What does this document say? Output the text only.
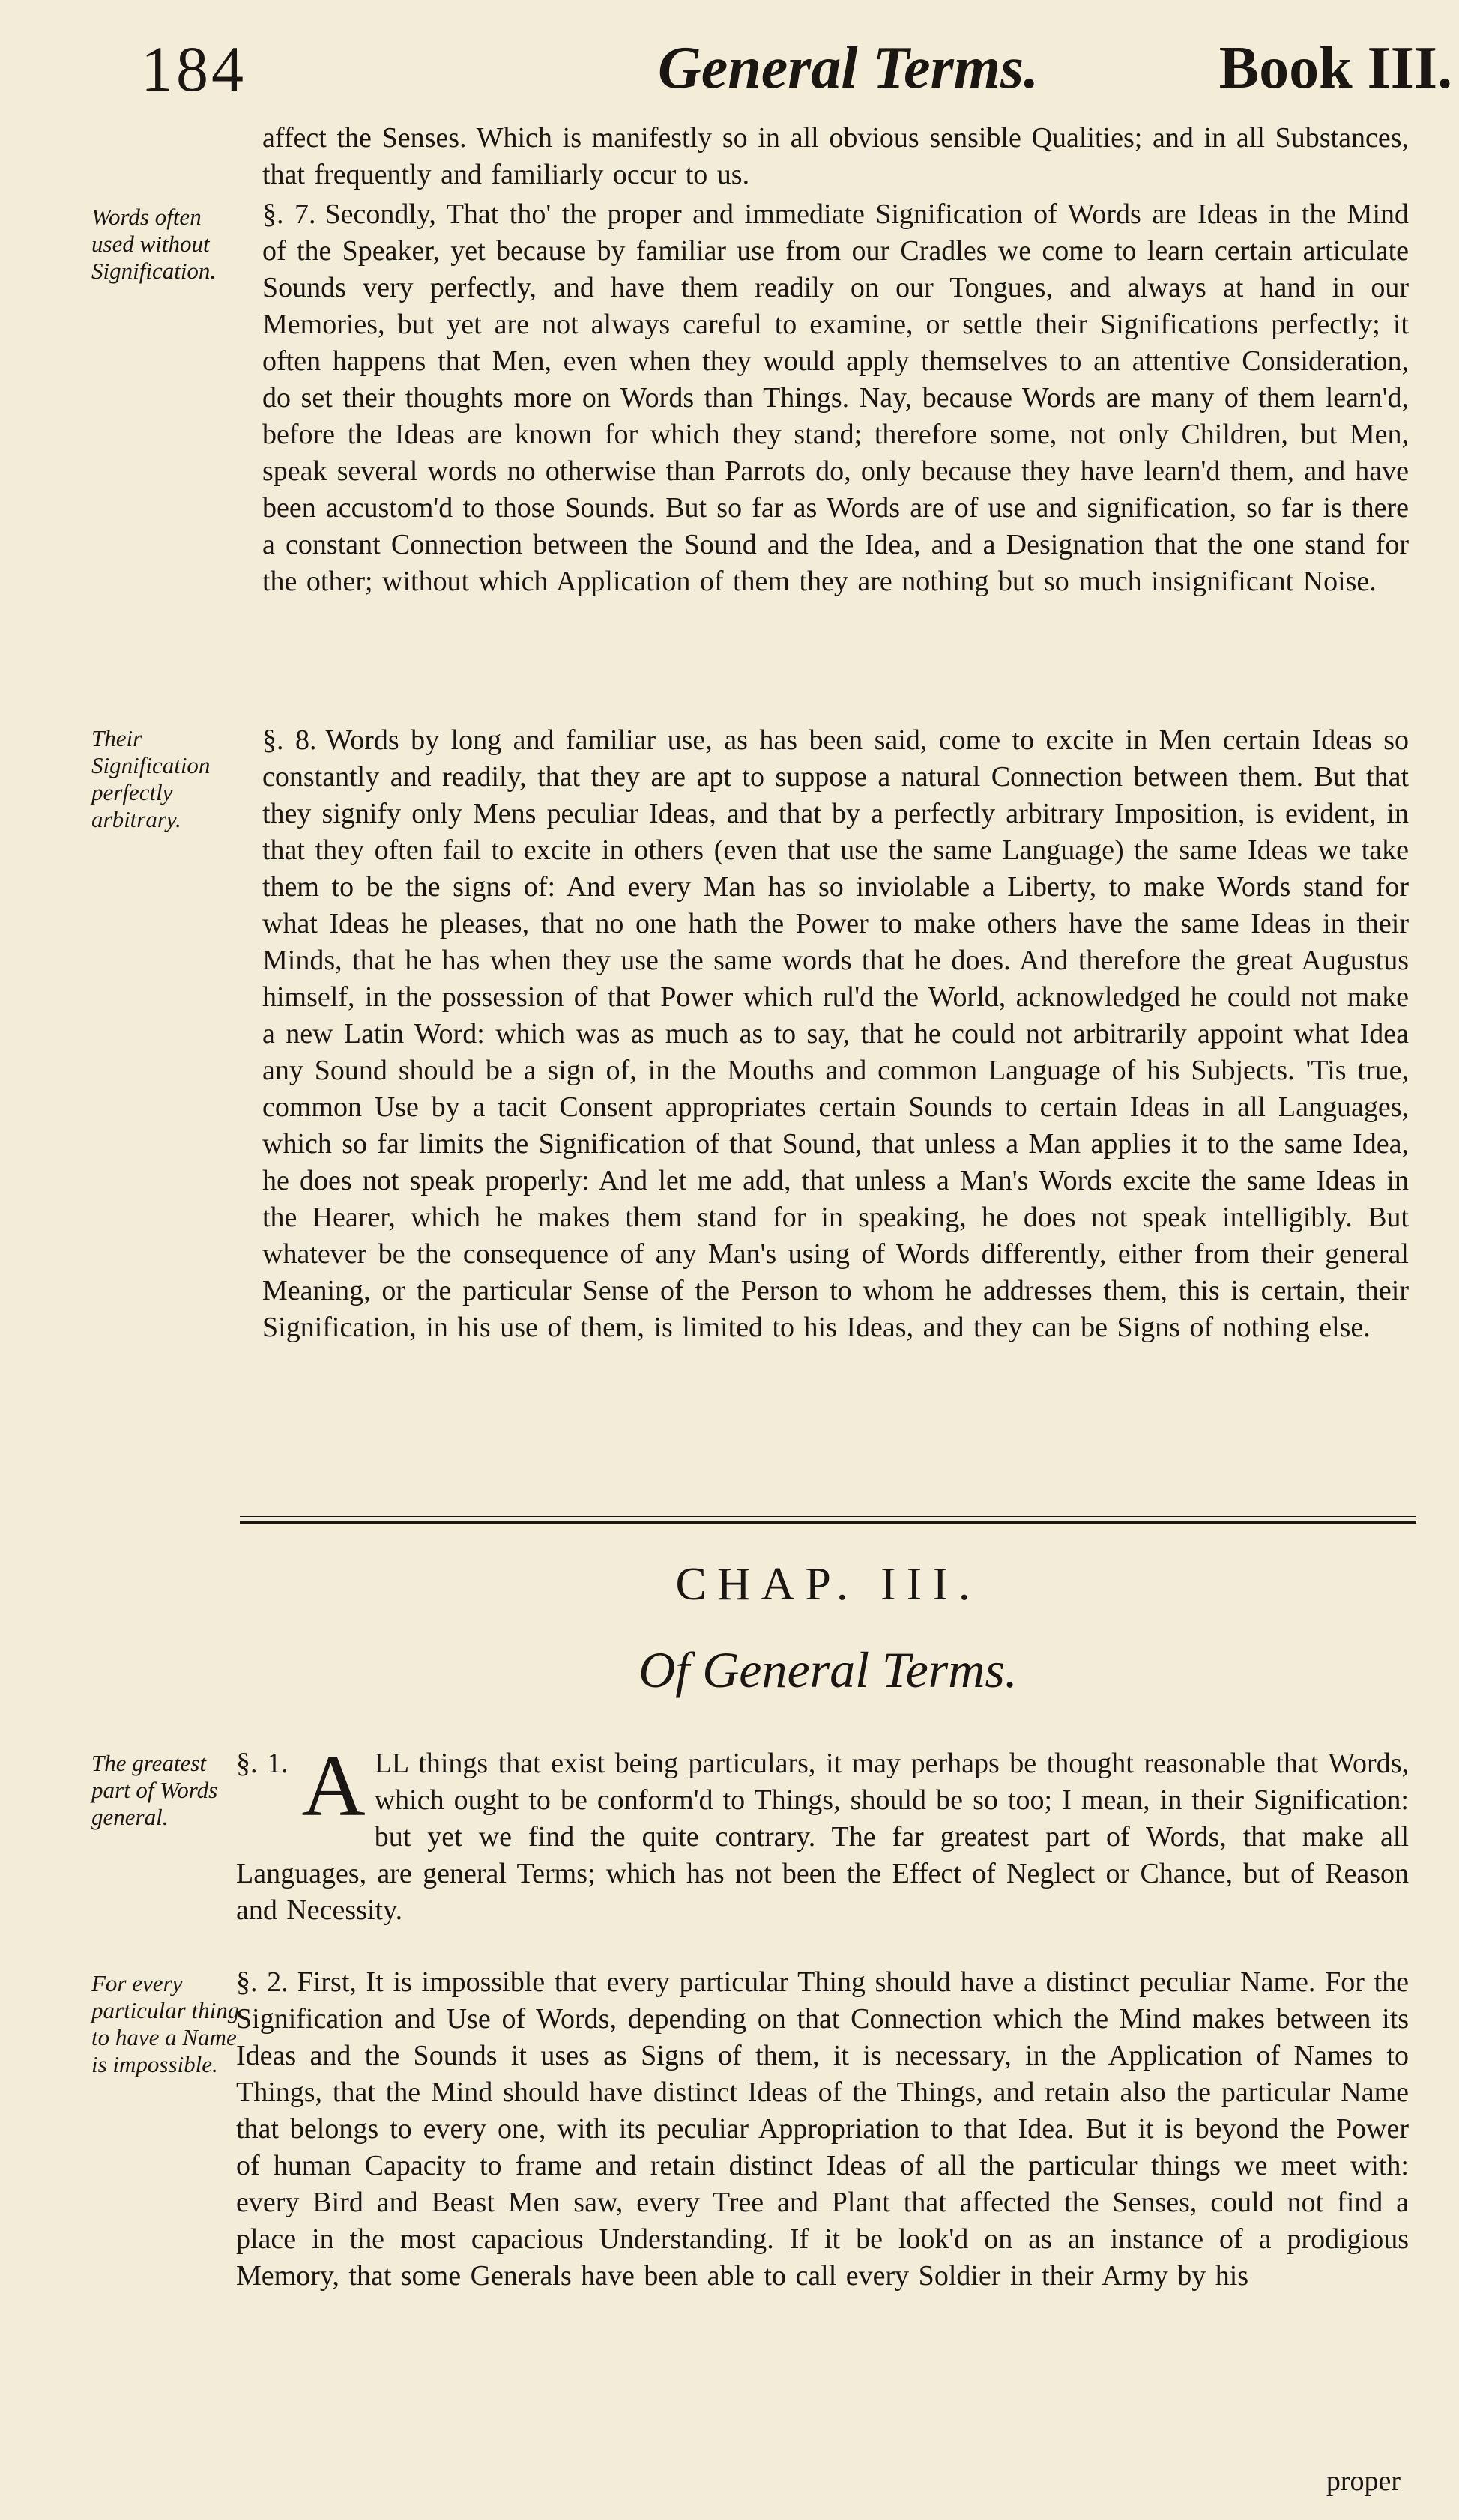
184	General Terms.	Book III.

affect the Senses. Which is manifestly so in all obvious sensible Qualities; and in all Substances, that frequently and familiarly occur to us.

Words often used without Signification.

§. 7. Secondly, That tho' the proper and immediate Signification of Words are Ideas in the Mind of the Speaker, yet because by familiar use from our Cradles we come to learn certain articulate Sounds very perfectly, and have them readily on our Tongues, and always at hand in our Memories, but yet are not always careful to examine, or settle their Significations perfectly; it often happens that Men, even when they would apply themselves to an attentive Consideration, do set their thoughts more on Words than Things. Nay, because Words are many of them learn'd, before the Ideas are known for which they stand; therefore some, not only Children, but Men, speak several words no otherwise than Parrots do, only because they have learn'd them, and have been accustom'd to those Sounds. But so far as Words are of use and signification, so far is there a constant Connection between the Sound and the Idea, and a Designation that the one stand for the other; without which Application of them they are nothing but so much insignificant Noise.

Their Signification perfectly arbitrary.

§. 8. Words by long and familiar use, as has been said, come to excite in Men certain Ideas so constantly and readily, that they are apt to suppose a natural Connection between them. But that they signify only Mens peculiar Ideas, and that by a perfectly arbitrary Imposition, is evident, in that they often fail to excite in others (even that use the same Language) the same Ideas we take them to be the signs of: And every Man has so inviolable a Liberty, to make Words stand for what Ideas he pleases, that no one hath the Power to make others have the same Ideas in their Minds, that he has when they use the same words that he does. And therefore the great Augustus himself, in the possession of that Power which rul'd the World, acknowledged he could not make a new Latin Word: which was as much as to say, that he could not arbitrarily appoint what Idea any Sound should be a sign of, in the Mouths and common Language of his Subjects. 'Tis true, common Use by a tacit Consent appropriates certain Sounds to certain Ideas in all Languages, which so far limits the Signification of that Sound, that unless a Man applies it to the same Idea, he does not speak properly: And let me add, that unless a Man's Words excite the same Ideas in the Hearer, which he makes them stand for in speaking, he does not speak intelligibly. But whatever be the consequence of any Man's using of Words differently, either from their general Meaning, or the particular Sense of the Person to whom he addresses them, this is certain, their Signification, in his use of them, is limited to his Ideas, and they can be Signs of nothing else.

CHAP. III.
Of General Terms.
The greatest part of Words general.

§. 1. A LL things that exist being particulars, it may perhaps be thought reasonable that Words, which ought to be conform'd to Things, should be so too; I mean, in their Signification: but yet we find the quite contrary. The far greatest part of Words, that make all Languages, are general Terms; which has not been the Effect of Neglect or Chance, but of Reason and Necessity.

For every particular thing to have a Name is impossible.

§. 2. First, It is impossible that every particular Thing should have a distinct peculiar Name. For the Signification and Use of Words, depending on that Connection which the Mind makes between its Ideas and the Sounds it uses as Signs of them, it is necessary, in the Application of Names to Things, that the Mind should have distinct Ideas of the Things, and retain also the particular Name that belongs to every one, with its peculiar Appropriation to that Idea. But it is beyond the Power of human Capacity to frame and retain distinct Ideas of all the particular things we meet with: every Bird and Beast Men saw, every Tree and Plant that affected the Senses, could not find a place in the most capacious Understanding. If it be look'd on as an instance of a prodigious Memory, that some Generals have been able to call every Soldier in their Army by his

proper
